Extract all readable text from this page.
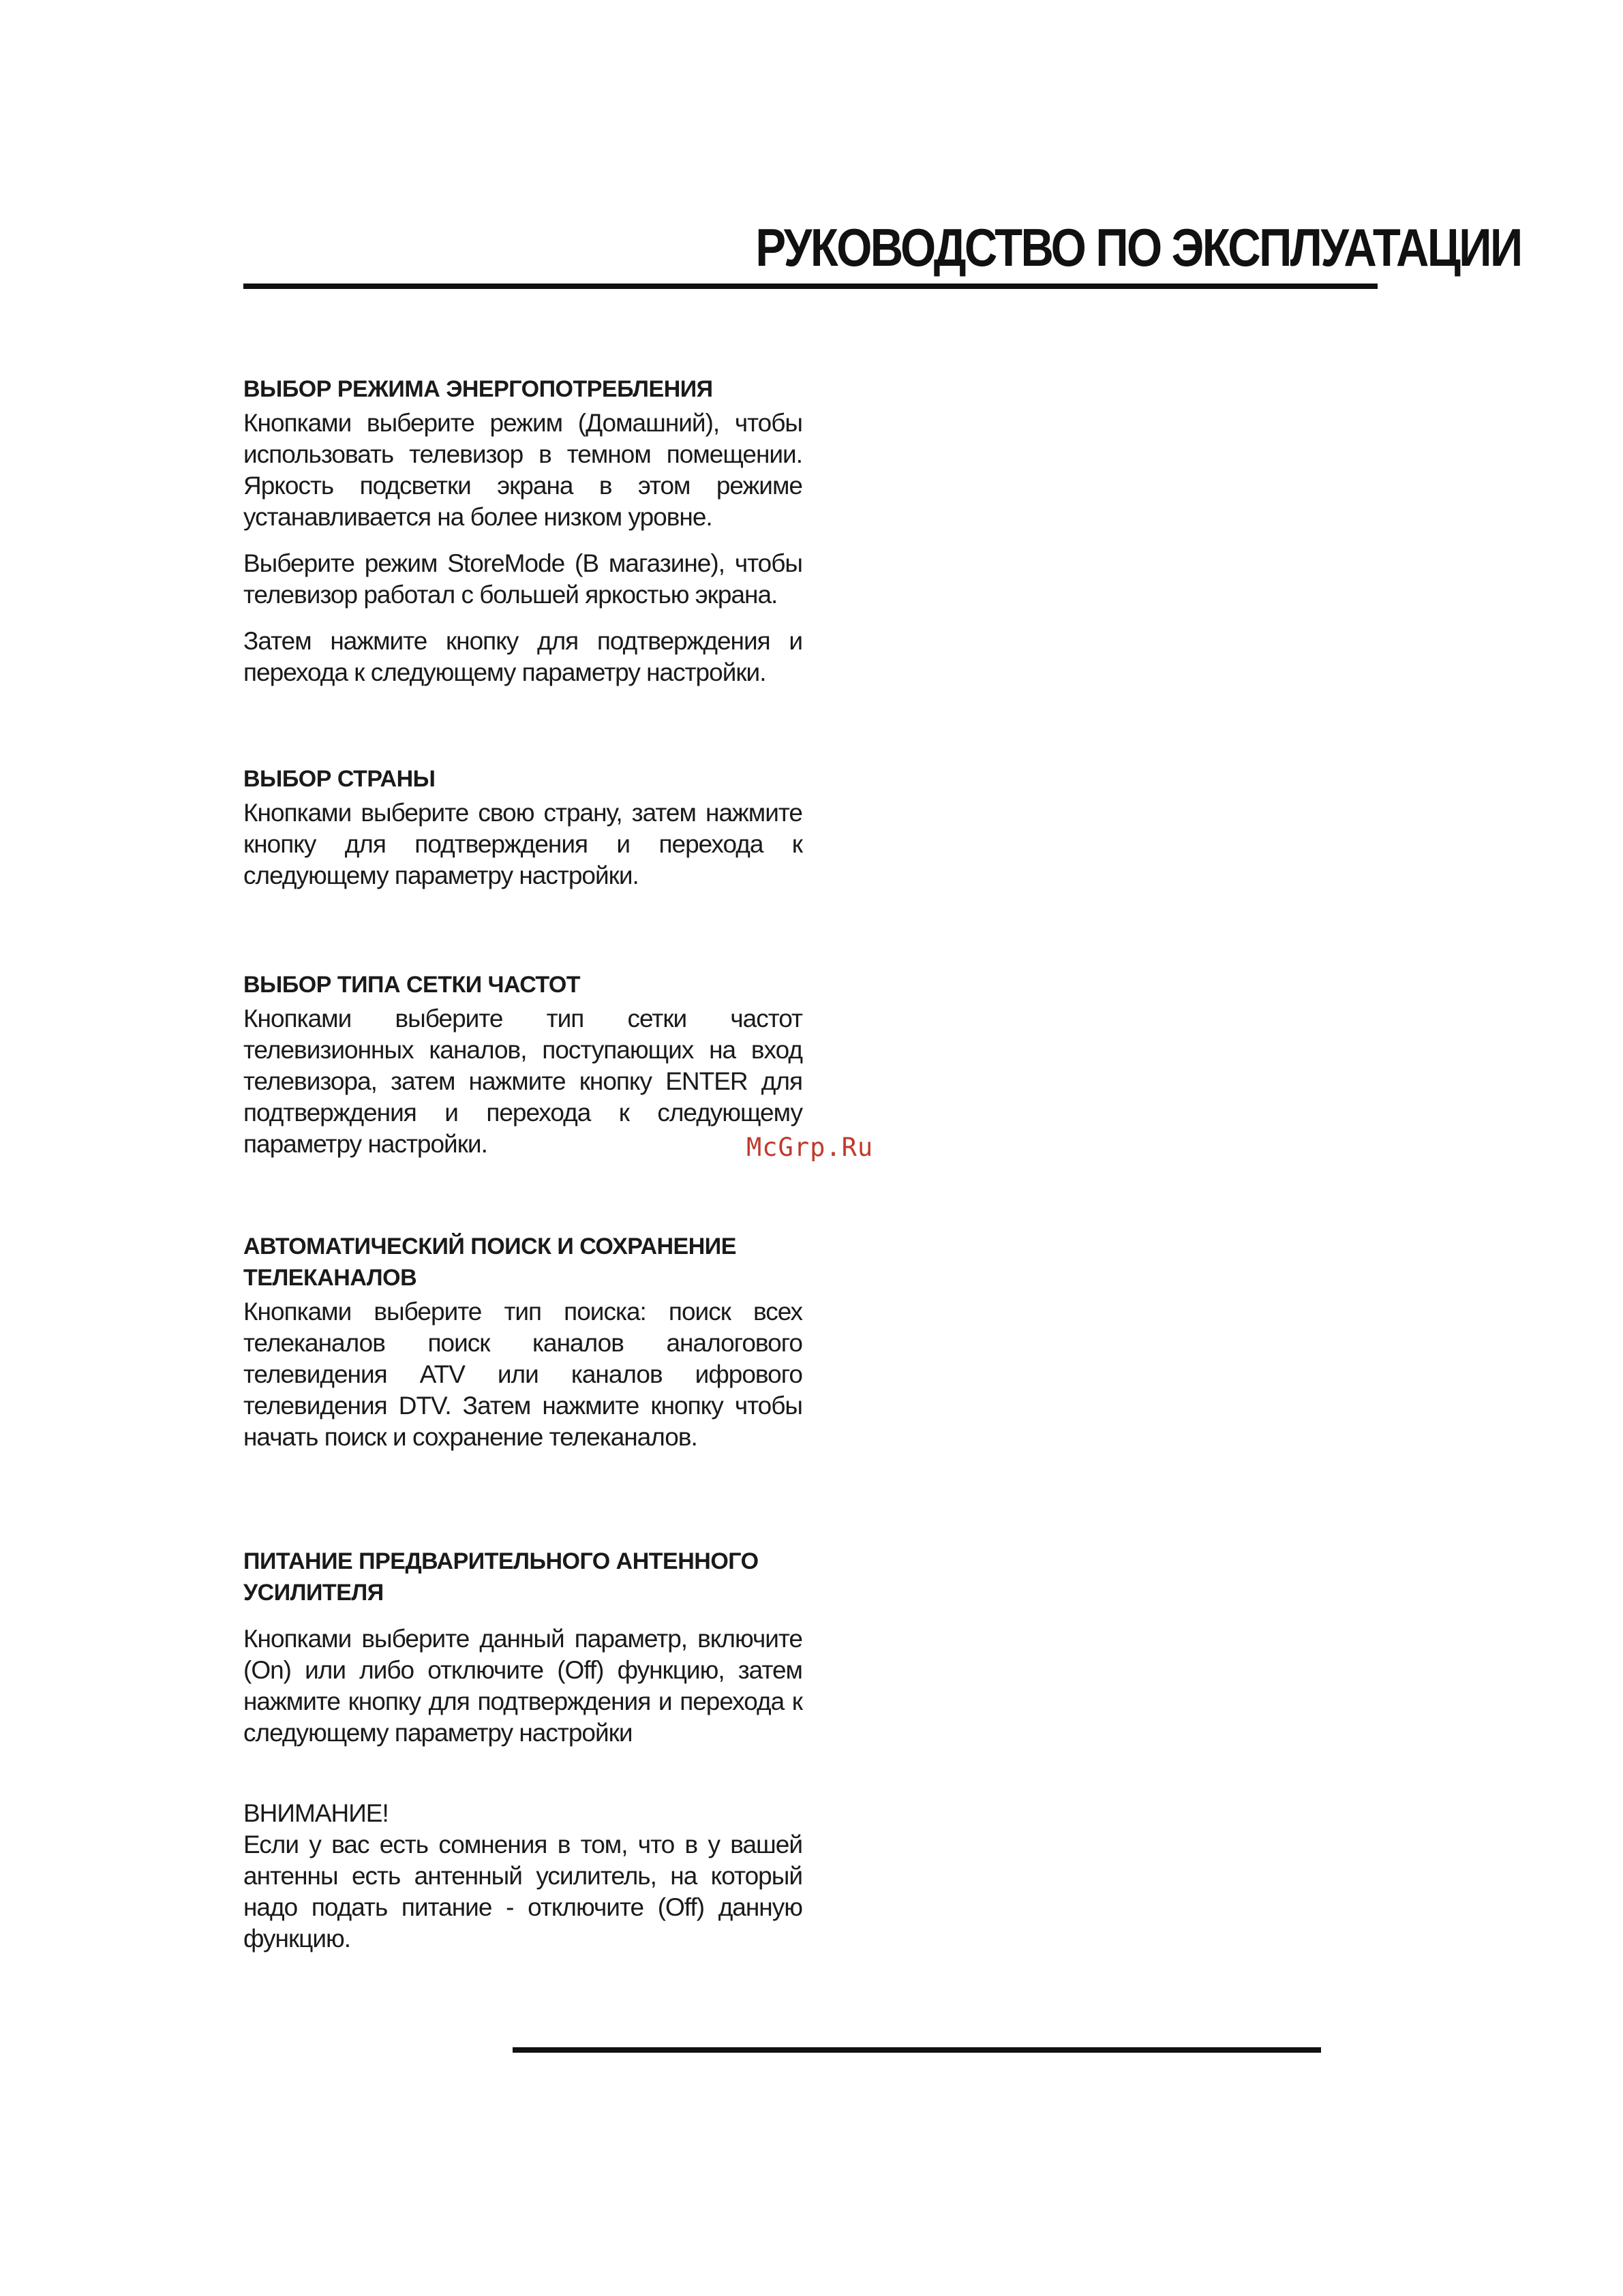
РУКОВОДСТВО ПО ЭКСПЛУАТАЦИИ

ВЫБОР РЕЖИМА ЭНЕРГОПОТРЕБЛЕНИЯ

Кнопками выберите режим (Домашний), чтобы использовать телевизор в темном помещении. Яркость подсветки экрана в этом режиме устанавливается на более низком уровне.

Выберите режим StoreMode (В магазине), чтобы телевизор работал с большей яркостью экрана.

Затем нажмите кнопку для подтверждения и перехода к следующему параметру настройки.

ВЫБОР СТРАНЫ

Кнопками выберите свою страну, затем нажмите кнопку для подтверждения и перехода к следующему параметру настройки.

ВЫБОР ТИПА СЕТКИ ЧАСТОТ

Кнопками выберите тип сетки частот телевизионных каналов, поступающих на вход телевизора, затем нажмите кнопку ENTER для подтверждения и перехода к следующему параметру настройки.

АВТОМАТИЧЕСКИЙ ПОИСК И СОХРАНЕНИЕ ТЕЛЕКАНАЛОВ

Кнопками выберите тип поиска: поиск всех телеканалов поиск каналов аналогового телевидения ATV или каналов ифрового телевидения DTV. Затем нажмите кнопку чтобы начать поиск и сохранение телеканалов.

ПИТАНИЕ ПРЕДВАРИТЕЛЬНОГО АНТЕННОГО УСИЛИТЕЛЯ

Кнопками выберите данный параметр, включите (On) или либо отключите (Off) функцию, затем нажмите кнопку для подтверждения и перехода к следующему параметру настройки

ВНИМАНИЕ!

Если у вас есть сомнения в том, что в у вашей антенны есть антенный усилитель, на который надо подать питание - отключите (Off) данную функцию.

McGrp.Ru
